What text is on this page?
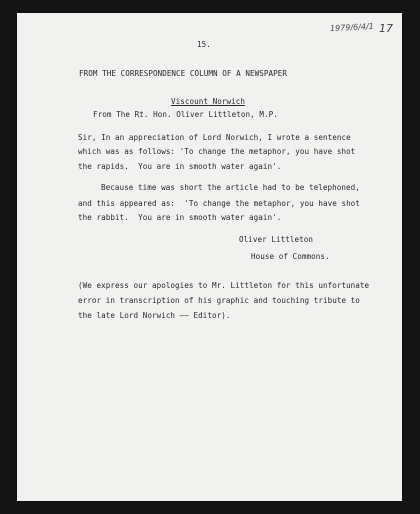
1979/6/4/1 17
15.
FROM THE CORRESPONDENCE COLUMN OF A NEWSPAPER
Viscount Norwich
From The Rt. Hon. Oliver Littleton, M.P.
Sir, In an appreciation of Lord Norwich, I wrote a sentence
which was as follows: 'To change the metaphor, you have shot
the rapids.  You are in smooth water again'.
Because time was short the article had to be telephoned,
and this appeared as:  'To change the metaphor, you have shot
the rabbit.  You are in smooth water again'.
Oliver Littleton
House of Commons.
(We express our apologies to Mr. Littleton for this unfortunate
error in transcription of his graphic and touching tribute to
the late Lord Norwich —— Editor).
